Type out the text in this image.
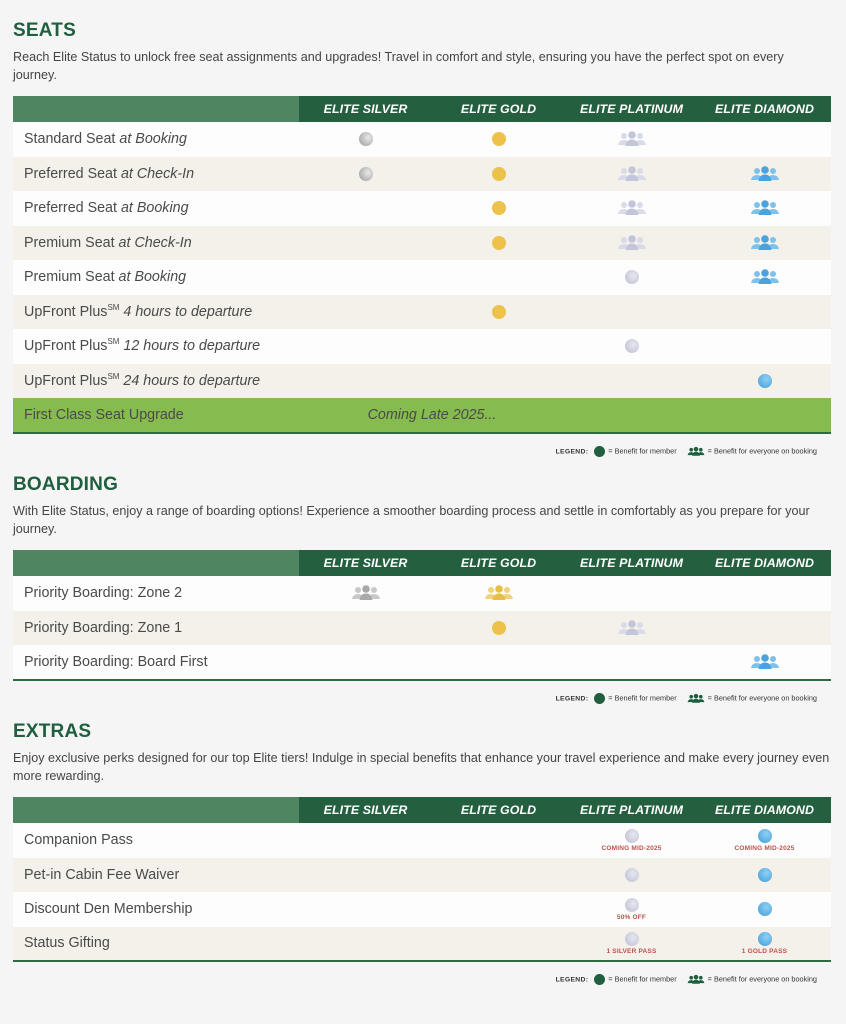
SEATS

Reach Elite Status to unlock free seat assignments and upgrades! Travel in comfort and style, ensuring you have the perfect spot on every journey.

	ELITE SILVER	ELITE GOLD	ELITE PLATINUM	ELITE DIAMOND
Standard Seat at Booking	

Preferred Seat at Check-In	

Preferred Seat at Booking	

Premium Seat at Check-In	

Premium Seat at Booking	

UpFront Plus℠ 4 hours to departure	

UpFront Plus℠ 12 hours to departure	

UpFront Plus℠ 24 hours to departure	

First Class Seat Upgrade	Coming Late 2025...			
LEGEND: = Benefit for member	= Benefit for everyone on booking
BOARDING

With Elite Status, enjoy a range of boarding options! Experience a smoother boarding process and settle in comfortably as you prepare for your journey.

	ELITE SILVER	ELITE GOLD	ELITE PLATINUM	ELITE DIAMOND
Priority Boarding: Zone 2	

Priority Boarding: Zone 1	

Priority Boarding: Board First	

LEGEND: = Benefit for member	= Benefit for everyone on booking
EXTRAS

Enjoy exclusive perks designed for our top Elite tiers! Indulge in special benefits that enhance your travel experience and make every journey even more rewarding.

	ELITE SILVER	ELITE GOLD	ELITE PLATINUM	ELITE DIAMOND
Companion Pass			COMING MID-2025	COMING MID-2025

Pet-in Cabin Fee Waiver	

Discount Den Membership			50% OFF	

Status Gifting			1 SILVER PASS	1 GOLD PASS
LEGEND: = Benefit for member	= Benefit for everyone on booking
